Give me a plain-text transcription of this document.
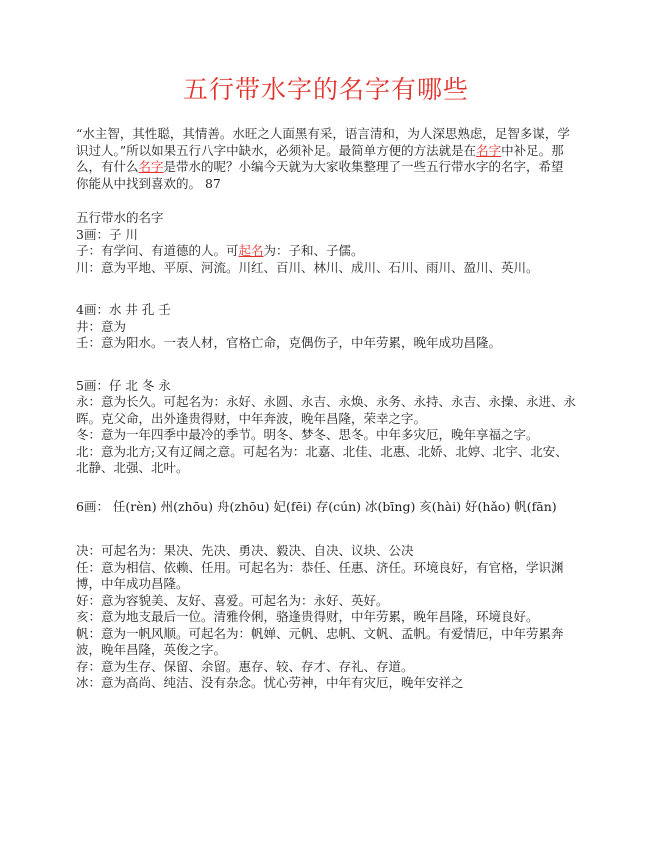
五行带水字的名字有哪些

“水主智，其性聪，其情善。水旺之人面黑有采，语言清和，为人深思熟虑，足智多谋，学识过人。”所以如果五行八字中缺水，必须补足。最简单方便的方法就是在名字中补足。那么，有什么名字是带水的呢？小编今天就为大家收集整理了一些五行带水字的名字，希望你能从中找到喜欢的。 87

五行带水的名字
3画：子 川
子：有学问、有道德的人。可起名为：子和、子儒。
川：意为平地、平原、河流。川红、百川、林川、成川、石川、雨川、盈川、英川。
4画：水 井 孔 壬
井：意为
壬：意为阳水。一表人材，官格亡命，克偶伤子，中年劳累，晚年成功昌隆。
5画：仔 北 冬 永
永：意为长久。可起名为：永好、永圆、永吉、永焕、永务、永持、永吉、永操、永进、永晖。克父命，出外逢贵得财，中年奔波，晚年昌隆，荣幸之字。
冬：意为一年四季中最冷的季节。明冬、梦冬、思冬。中年多灾厄，晚年享福之字。
北：意为北方;又有辽阔之意。可起名为：北嘉、北佳、北惠、北娇、北婷、北宇、北安、北静、北强、北叶。
6画： 任(rèn) 州(zhōu) 舟(zhōu) 妃(fēi) 存(cún) 冰(bīng) 亥(hài) 好(hǎo) 帆(fān)
决：可起名为：果决、先决、勇决、毅决、自决、议块、公决
任：意为相信、依赖、任用。可起名为：恭任、任惠、济任。环境良好，有官格，学识渊博，中年成功昌隆。
好：意为容貌美、友好、喜爱。可起名为：永好、英好。
亥：意为地支最后一位。清雅伶俐，骆逢贵得财，中年劳累，晚年昌隆，环境良好。
帆：意为一帆风顺。可起名为：帆婵、元帆、忠帆、文帆、孟帆。有爱情厄，中年劳累奔波，晚年昌隆，英俊之字。
存：意为生存、保留、余留。惠存、较、存才、存礼、存道。
冰：意为高尚、纯洁、没有杂念。忧心劳神，中年有灾厄，晚年安祥之
